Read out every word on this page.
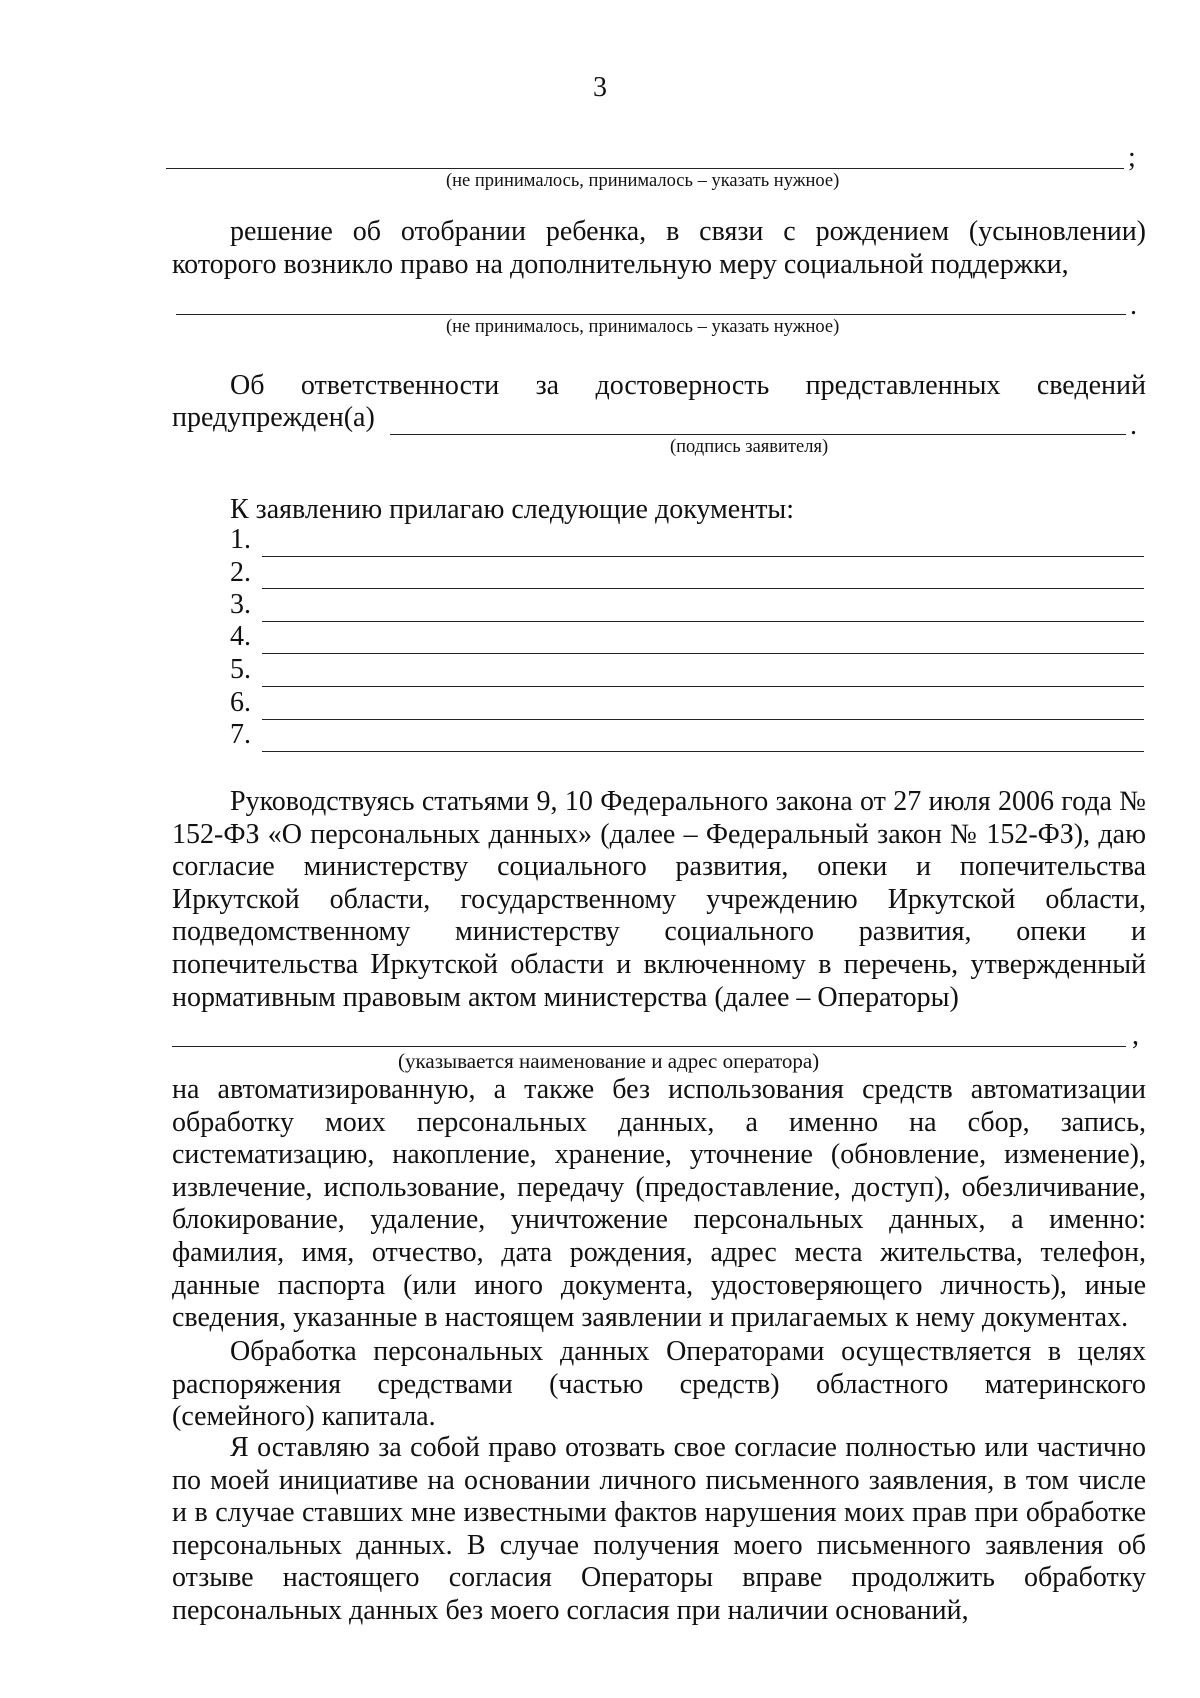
3
;
(не принималось, принималось – указать нужное)
решение об отобрании ребенка, в связи с рождением (усыновлении) которого возникло право на дополнительную меру социальной поддержки,
.
(не принималось, принималось – указать нужное)
Об ответственности за достоверность представленных сведений
предупрежден(а)	.
(подпись заявителя)
К заявлению прилагаю следующие документы:
1.
2.
3.
4.
5.
6.
7.
Руководствуясь статьями 9, 10 Федерального закона от 27 июля 2006 года № 152-ФЗ «О персональных данных» (далее – Федеральный закон № 152-ФЗ), даю согласие министерству социального развития, опеки и попечительства Иркутской области, государственному учреждению Иркутской области, подведомственному министерству социального развития, опеки и попечительства Иркутской области и включенному в перечень, утвержденный нормативным правовым актом министерства (далее – Операторы)
,
(указывается наименование и адрес оператора)
на автоматизированную, а также без использования средств автоматизации обработку моих персональных данных, а именно на сбор, запись, систематизацию, накопление, хранение, уточнение (обновление, изменение), извлечение, использование, передачу (предоставление, доступ), обезличивание, блокирование, удаление, уничтожение персональных данных, а именно: фамилия, имя, отчество, дата рождения, адрес места жительства, телефон, данные паспорта (или иного документа, удостоверяющего личность), иные сведения, указанные в настоящем заявлении и прилагаемых к нему документах.
Обработка персональных данных Операторами осуществляется в целях распоряжения средствами (частью средств) областного материнского (семейного) капитала.
Я оставляю за собой право отозвать свое согласие полностью или частично по моей инициативе на основании личного письменного заявления, в том числе и в случае ставших мне известными фактов нарушения моих прав при обработке персональных данных. В случае получения моего письменного заявления об отзыве настоящего согласия Операторы вправе продолжить обработку персональных данных без моего согласия при наличии оснований,
